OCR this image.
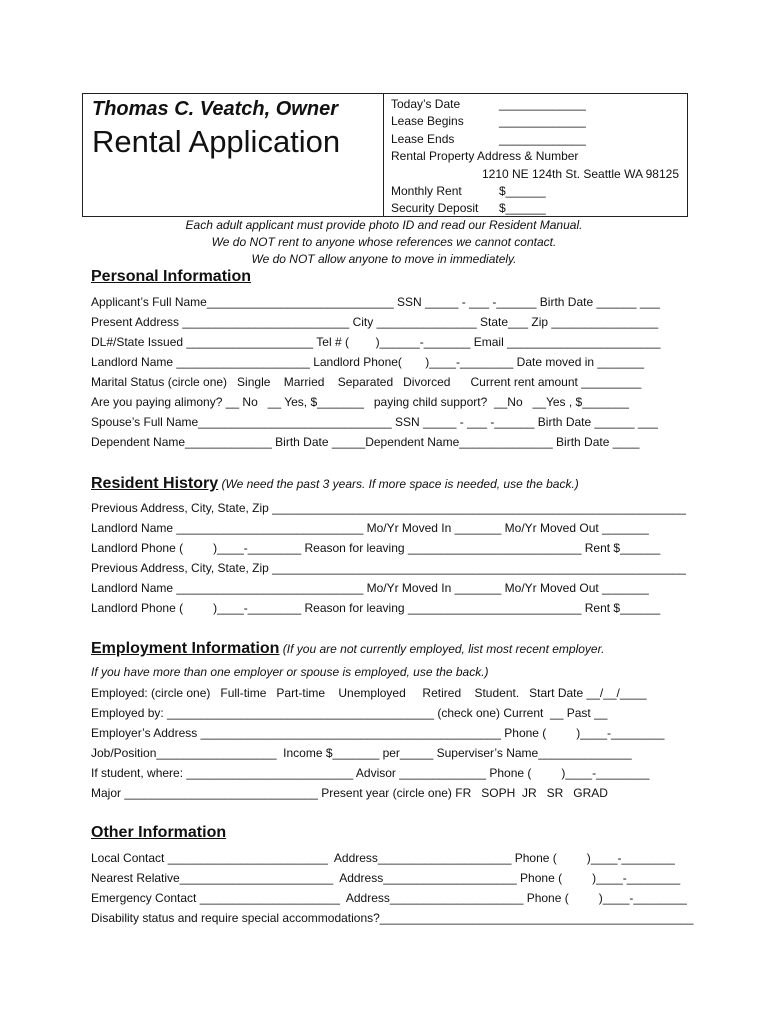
Thomas C. Veatch, Owner
Rental Application
Today’s Date	_____________
Lease Begins	_____________
Lease Ends	_____________
Rental Property Address & Number
1210 NE 124th St. Seattle WA 98125
Monthly Rent	$______
Security Deposit $______
Each adult applicant must provide photo ID and read our Resident Manual.
We do NOT rent to anyone whose references we cannot contact.
We do NOT allow anyone to move in immediately.
Personal Information
Applicant’s Full Name____________________________ SSN _____ - ___ -______ Birth Date ______ ___
Present Address _________________________ City _______________ State___ Zip ________________
DL#/State Issued ___________________ Tel # (        )______-_______ Email _______________________
Landlord Name ____________________ Landlord Phone(       )____-________ Date moved in _______
Marital Status (circle one)   Single    Married    Separated   Divorced      Current rent amount _________
Are you paying alimony? __ No   __ Yes, $_______   paying child support?  __No   __Yes , $_______
Spouse’s Full Name_____________________________ SSN _____ - ___ -______ Birth Date ______ ___
Dependent Name_____________ Birth Date _____Dependent Name______________ Birth Date ____
Resident History (We need the past 3 years. If more space is needed, use the back.)
Previous Address, City, State, Zip ______________________________________________________________
Landlord Name ____________________________ Mo/Yr Moved In _______ Mo/Yr Moved Out _______
Landlord Phone (         )____-________ Reason for leaving __________________________ Rent $______
Previous Address, City, State, Zip ______________________________________________________________
Landlord Name ____________________________ Mo/Yr Moved In _______ Mo/Yr Moved Out _______
Landlord Phone (         )____-________ Reason for leaving __________________________ Rent $______
Employment Information (If you are not currently employed, list most recent employer.
If you have more than one employer or spouse is employed, use the back.)
Employed: (circle one)   Full-time   Part-time    Unemployed     Retired    Student.   Start Date __/__/____
Employed by: ________________________________________ (check one) Current  __ Past __
Employer’s Address _____________________________________________ Phone (         )____-________
Job/Position__________________  Income $_______ per_____ Superviser’s Name______________
If student, where: _________________________ Advisor _____________ Phone (         )____-________
Major _____________________________ Present year (circle one) FR   SOPH  JR   SR   GRAD
Other Information
Local Contact ________________________  Address____________________ Phone (         )____-________
Nearest Relative_______________________  Address____________________ Phone (         )____-________
Emergency Contact _____________________  Address____________________ Phone (         )____-________
Disability status and require special accommodations?_______________________________________________
